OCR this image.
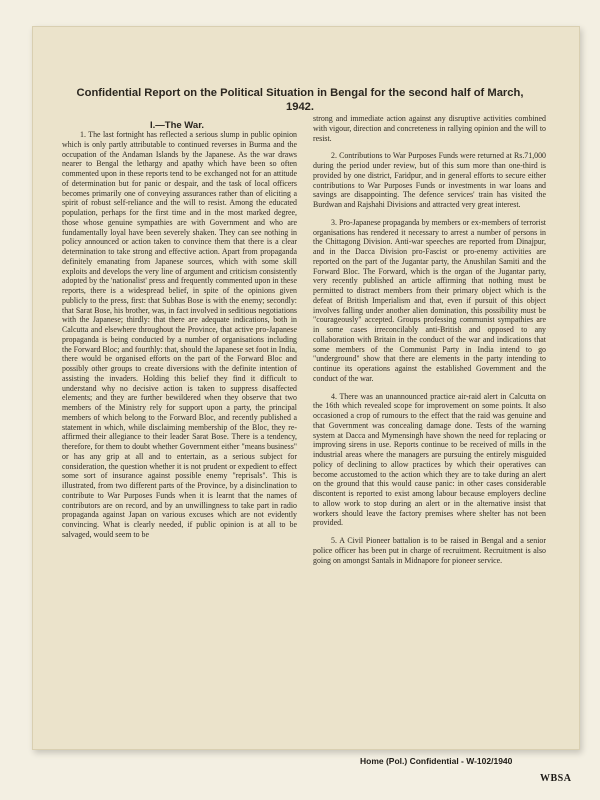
Confidential Report on the Political Situation in Bengal for the second half of March, 1942.
I.—The War.

1. The last fortnight has reflected a serious slump in public opinion which is only partly attributable to continued reverses in Burma and the occupation of the Andaman Islands by the Japanese. As the war draws nearer to Bengal the lethargy and apathy which have been so often commented upon in these reports tend to be exchanged not for an attitude of determination but for panic or despair, and the task of local officers becomes primarily one of conveying assurances rather than of eliciting a spirit of robust self-reliance and the will to resist. Among the educated population, perhaps for the first time and in the most marked degree, those whose genuine sympathies are with Government and who are fundamentally loyal have been severely shaken. They can see nothing in policy announced or action taken to convince them that there is a clear determination to take strong and effective action. Apart from propaganda definitely emanating from Japanese sources, which with some skill exploits and develops the very line of argument and criticism consistently adopted by the 'nationalist' press and frequently commented upon in these reports, there is a widespread belief, in spite of the opinions given publicly to the press, first: that Subhas Bose is with the enemy; secondly: that Sarat Bose, his brother, was, in fact involved in seditious negotiations with the Japanese; thirdly: that there are adequate indications, both in Calcutta and elsewhere throughout the Province, that active pro-Japanese propaganda is being conducted by a number of organisations including the Forward Bloc; and fourthly: that, should the Japanese set foot in India, there would be organised efforts on the part of the Forward Bloc and possibly other groups to create diversions with the definite intention of assisting the invaders. Holding this belief they find it difficult to understand why no decisive action is taken to suppress disaffected elements; and they are further bewildered when they observe that two members of the Ministry rely for support upon a party, the principal members of which belong to the Forward Bloc, and recently published a statement in which, while disclaiming membership of the Bloc, they re-affirmed their allegiance to their leader Sarat Bose. There is a tendency, therefore, for them to doubt whether Government either "means business" or has any grip at all and to entertain, as a serious subject for consideration, the question whether it is not prudent or expedient to effect some sort of insurance against possible enemy "reprisals". This is illustrated, from two different parts of the Province, by a disinclination to contribute to War Purposes Funds when it is learnt that the names of contributors are on record, and by an unwillingness to take part in radio propaganda against Japan on various excuses which are not evidently convincing. What is clearly needed, if public opinion is at all to be salvaged, would seem to be

strong and immediate action against any disruptive activities combined with vigour, direction and concreteness in rallying opinion and the will to resist.

2. Contributions to War Purposes Funds were returned at Rs.71,000 during the period under review, but of this sum more than one-third is provided by one district, Faridpur, and in general efforts to secure either contributions to War Purposes Funds or investments in war loans and savings are disappointing. The defence services' train has visited the Burdwan and Rajshahi Divisions and attracted very great interest.

3. Pro-Japanese propaganda by members or ex-members of terrorist organisations has rendered it necessary to arrest a number of persons in the Chittagong Division. Anti-war speeches are reported from Dinajpur, and in the Dacca Division pro-Fascist or pro-enemy activities are reported on the part of the Jugantar party, the Anushilan Samiti and the Forward Bloc. The Forward, which is the organ of the Jugantar party, very recently published an article affirming that nothing must be permitted to distract members from their primary object which is the defeat of British Imperialism and that, even if pursuit of this object involves falling under another alien domination, this possibility must be "courageously" accepted. Groups professing communist sympathies are in some cases irreconcilably anti-British and opposed to any collaboration with Britain in the conduct of the war and indications that some members of the Communist Party in India intend to go "underground" show that there are elements in the party intending to continue its operations against the established Government and the conduct of the war.

4. There was an unannounced practice air-raid alert in Calcutta on the 16th which revealed scope for improvement on some points. It also occasioned a crop of rumours to the effect that the raid was genuine and that Government was concealing damage done. Tests of the warning system at Dacca and Mymensingh have shown the need for replacing or improving sirens in use. Reports continue to be received of mills in the industrial areas where the managers are pursuing the entirely misguided policy of declining to allow practices by which their operatives can become accustomed to the action which they are to take during an alert on the ground that this would cause panic: in other cases considerable discontent is reported to exist among labour because employers decline to allow work to stop during an alert or in the alternative insist that workers should leave the factory premises where shelter has not been provided.

5. A Civil Pioneer battalion is to be raised in Bengal and a senior police officer has been put in charge of recruitment. Recruitment is also going on amongst Santals in Midnapore for pioneer service.

Home (Pol.) Confidential - W-102/1940
WBSA
